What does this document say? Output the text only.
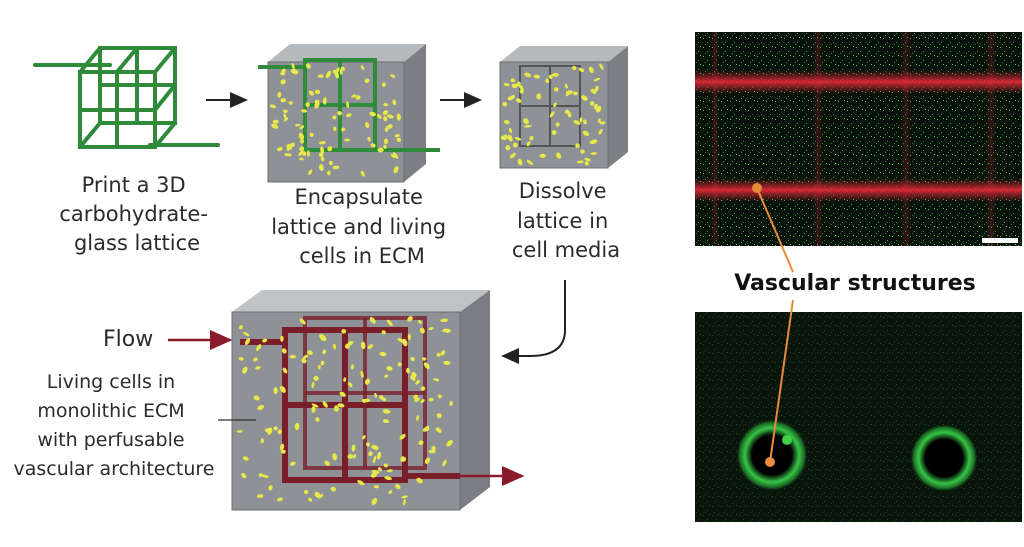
Print a 3D carbohydrate- glass lattice
Encapsulate lattice and living cells in ECM
Dissolve lattice in cell media
Flow
Living cells in monolithic ECM with perfusable vascular architecture
Vascular structures
